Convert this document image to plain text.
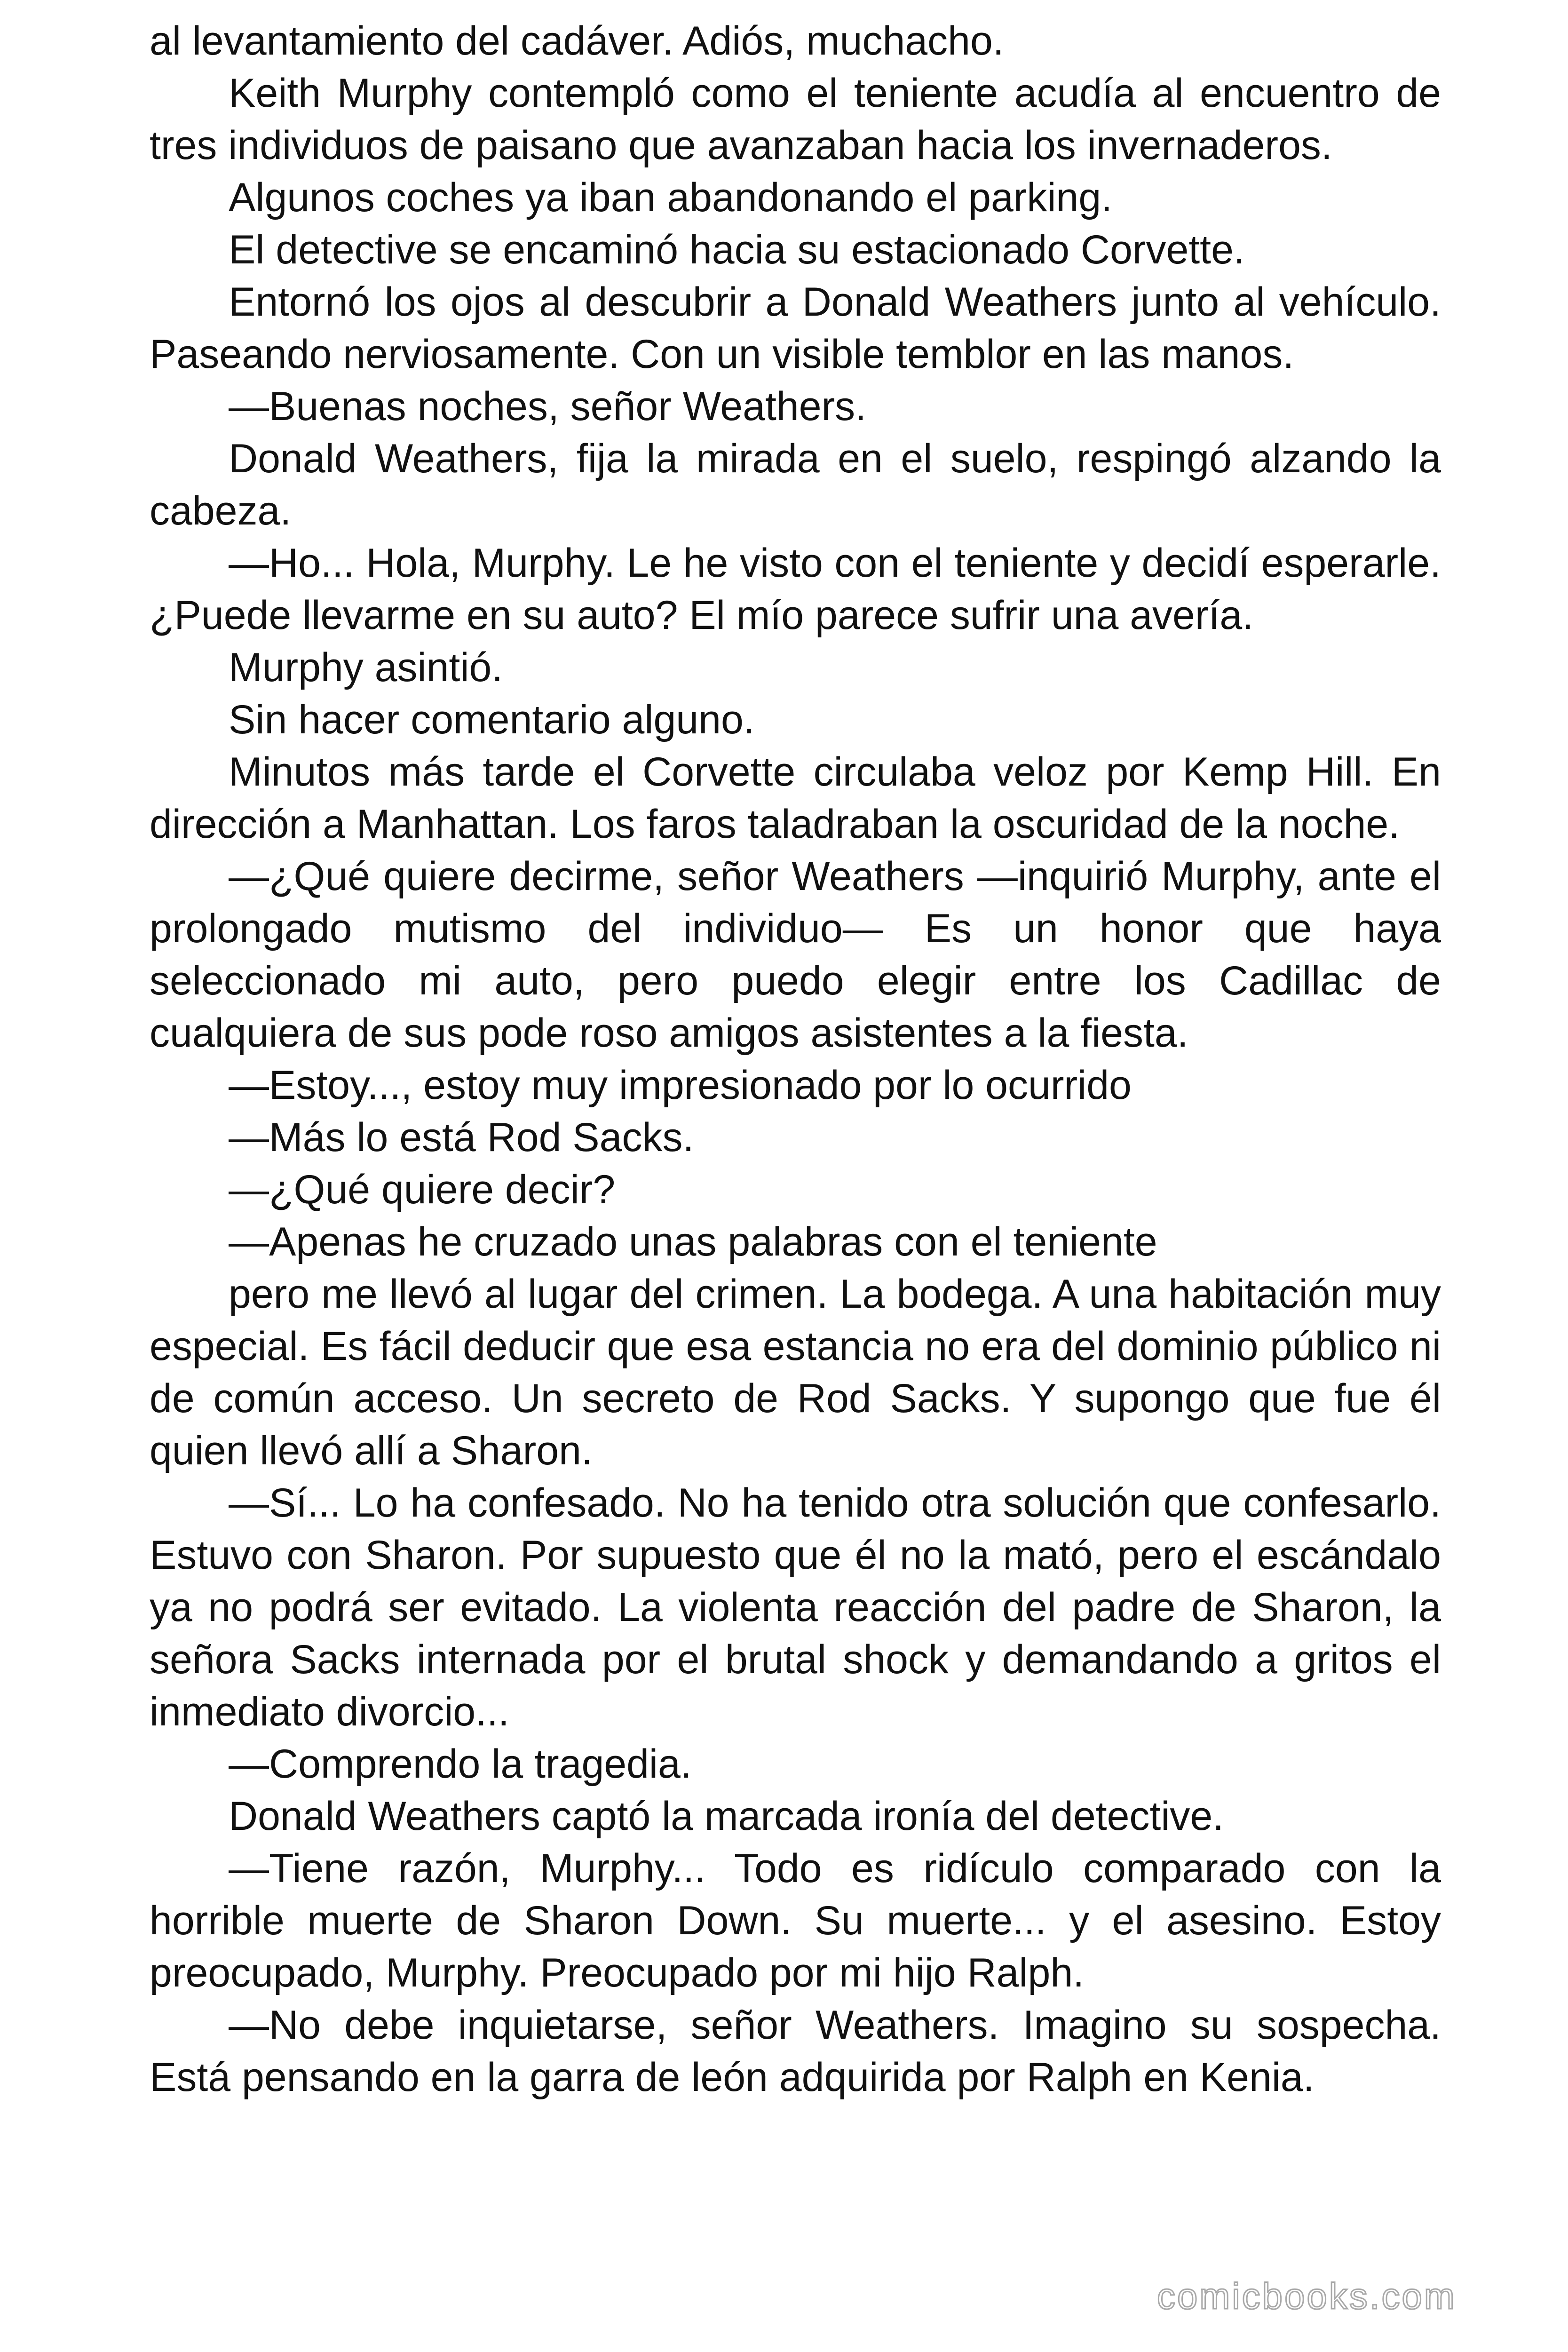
al levantamiento del cadáver. Adiós, muchacho.

Keith Murphy contempló como el teniente acudía al encuentro de tres individuos de paisano que avanzaban hacia los invernaderos.

Algunos coches ya iban abandonando el parking.

El detective se encaminó hacia su estacionado Corvette.

Entornó los ojos al descubrir a Donald Weathers junto al vehículo. Paseando nerviosamente. Con un visible temblor en las manos.

—Buenas noches, señor Weathers.

Donald Weathers, fija la mirada en el suelo, respingó alzando la cabeza.

—Ho... Hola, Murphy. Le he visto con el teniente y decidí esperarle. ¿Puede llevarme en su auto? El mío parece sufrir una avería.

Murphy asintió.

Sin hacer comentario alguno.

Minutos más tarde el Corvette circulaba veloz por Kemp Hill. En dirección a Manhattan. Los faros taladraban la oscuridad de la noche.

—¿Qué quiere decirme, señor Weathers —inquirió Murphy, ante el prolongado mutismo del individuo— Es un honor que haya seleccionado mi auto, pero puedo elegir entre los Cadillac de cualquiera de sus pode roso amigos asistentes a la fiesta.

—Estoy..., estoy muy impresionado por lo ocurrido

—Más lo está Rod Sacks.

—¿Qué quiere decir?

—Apenas he cruzado unas palabras con el teniente

pero me llevó al lugar del crimen. La bodega. A una habitación muy especial. Es fácil deducir que esa estancia no era del dominio público ni de común acceso. Un secreto de Rod Sacks. Y supongo que fue él quien llevó allí a Sharon.

—Sí... Lo ha confesado. No ha tenido otra solución que confesarlo. Estuvo con Sharon. Por supuesto que él no la mató, pero el escándalo ya no podrá ser evitado. La violenta reacción del padre de Sharon, la señora Sacks internada por el brutal shock y demandando a gritos el inmediato divorcio...

—Comprendo la tragedia.

Donald Weathers captó la marcada ironía del detective.

—Tiene razón, Murphy... Todo es ridículo comparado con la horrible muerte de Sharon Down. Su muerte... y el asesino. Estoy preocupado, Murphy. Preocupado por mi hijo Ralph.

—No debe inquietarse, señor Weathers. Imagino su sospecha. Está pensando en la garra de león adquirida por Ralph en Kenia.

comicbooks.com
